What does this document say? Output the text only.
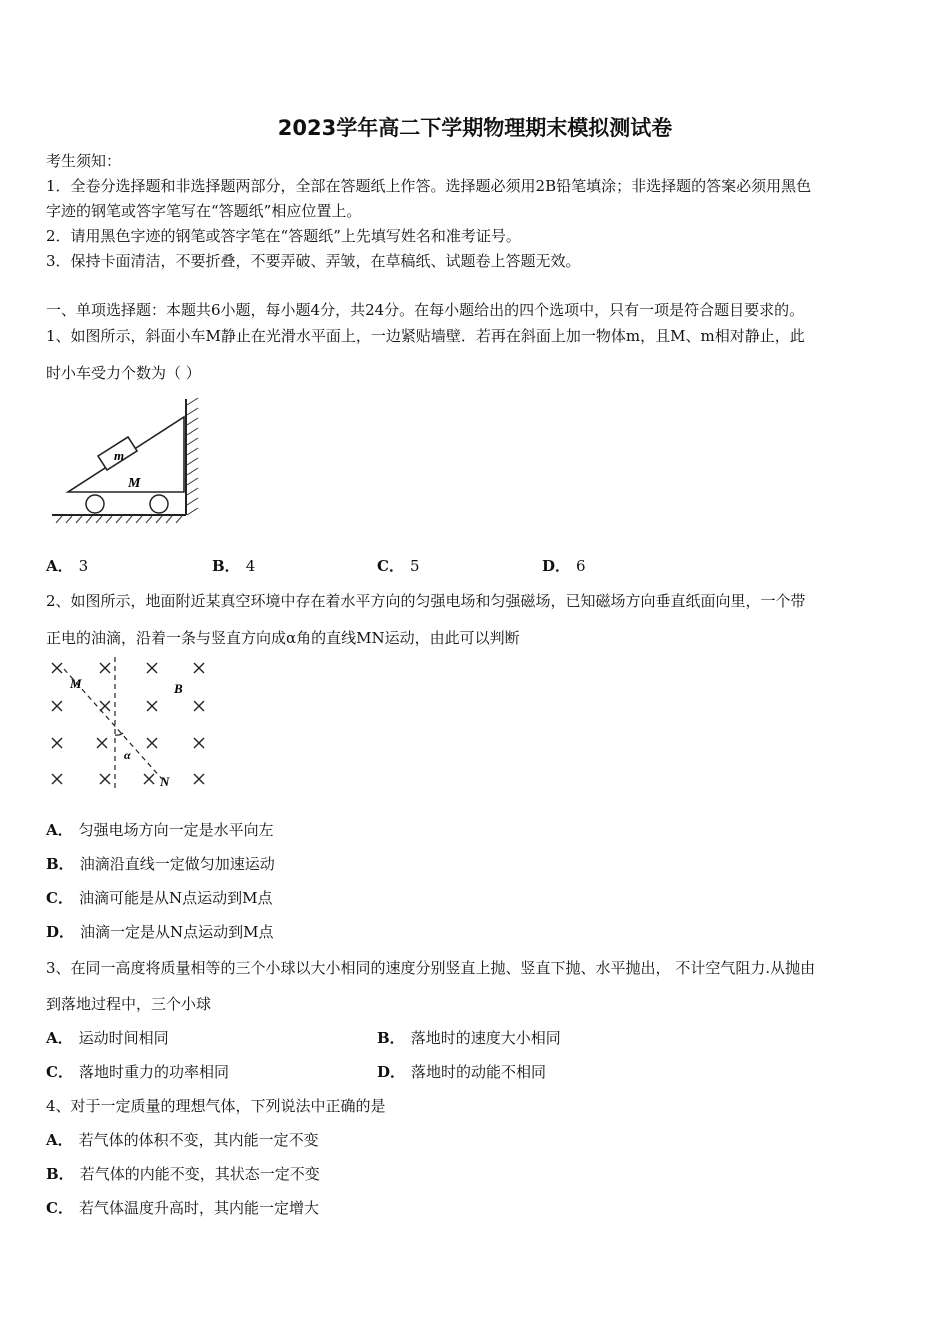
2023学年高二下学期物理期末模拟测试卷
考生须知：
1．全卷分选择题和非选择题两部分，全部在答题纸上作答。选择题必须用2B铅笔填涂；非选择题的答案必须用黑色
字迹的钢笔或答字笔写在“答题纸”相应位置上。
2．请用黑色字迹的钢笔或答字笔在“答题纸”上先填写姓名和准考证号。
3．保持卡面清洁，不要折叠，不要弄破、弄皱，在草稿纸、试题卷上答题无效。
一、单项选择题：本题共6小题，每小题4分，共24分。在每小题给出的四个选项中，只有一项是符合题目要求的。
1、如图所示，斜面小车M静止在光滑水平面上，一边紧贴墙壁．若再在斜面上加一物体m，且M、m相对静止，此
时小车受力个数为（ ）
m
M
A． 3	B． 4	C． 5	D． 6
2、如图所示，地面附近某真空环境中存在着水平方向的匀强电场和匀强磁场，已知磁场方向垂直纸面向里，一个带
正电的油滴，沿着一条与竖直方向成α角的直线MN运动，由此可以判断
M
N
B
α
A． 匀强电场方向一定是水平向左
B． 油滴沿直线一定做匀加速运动
C． 油滴可能是从N点运动到M点
D． 油滴一定是从N点运动到M点
3、在同一高度将质量相等的三个小球以大小相同的速度分别竖直上抛、竖直下抛、水平抛出， 不计空气阻力.从抛由
到落地过程中，三个小球
A． 运动时间相同	B． 落地时的速度大小相同
C． 落地时重力的功率相同	D． 落地时的动能不相同
4、对于一定质量的理想气体，下列说法中正确的是
A． 若气体的体积不变，其内能一定不变
B． 若气体的内能不变，其状态一定不变
C． 若气体温度升高时，其内能一定增大
